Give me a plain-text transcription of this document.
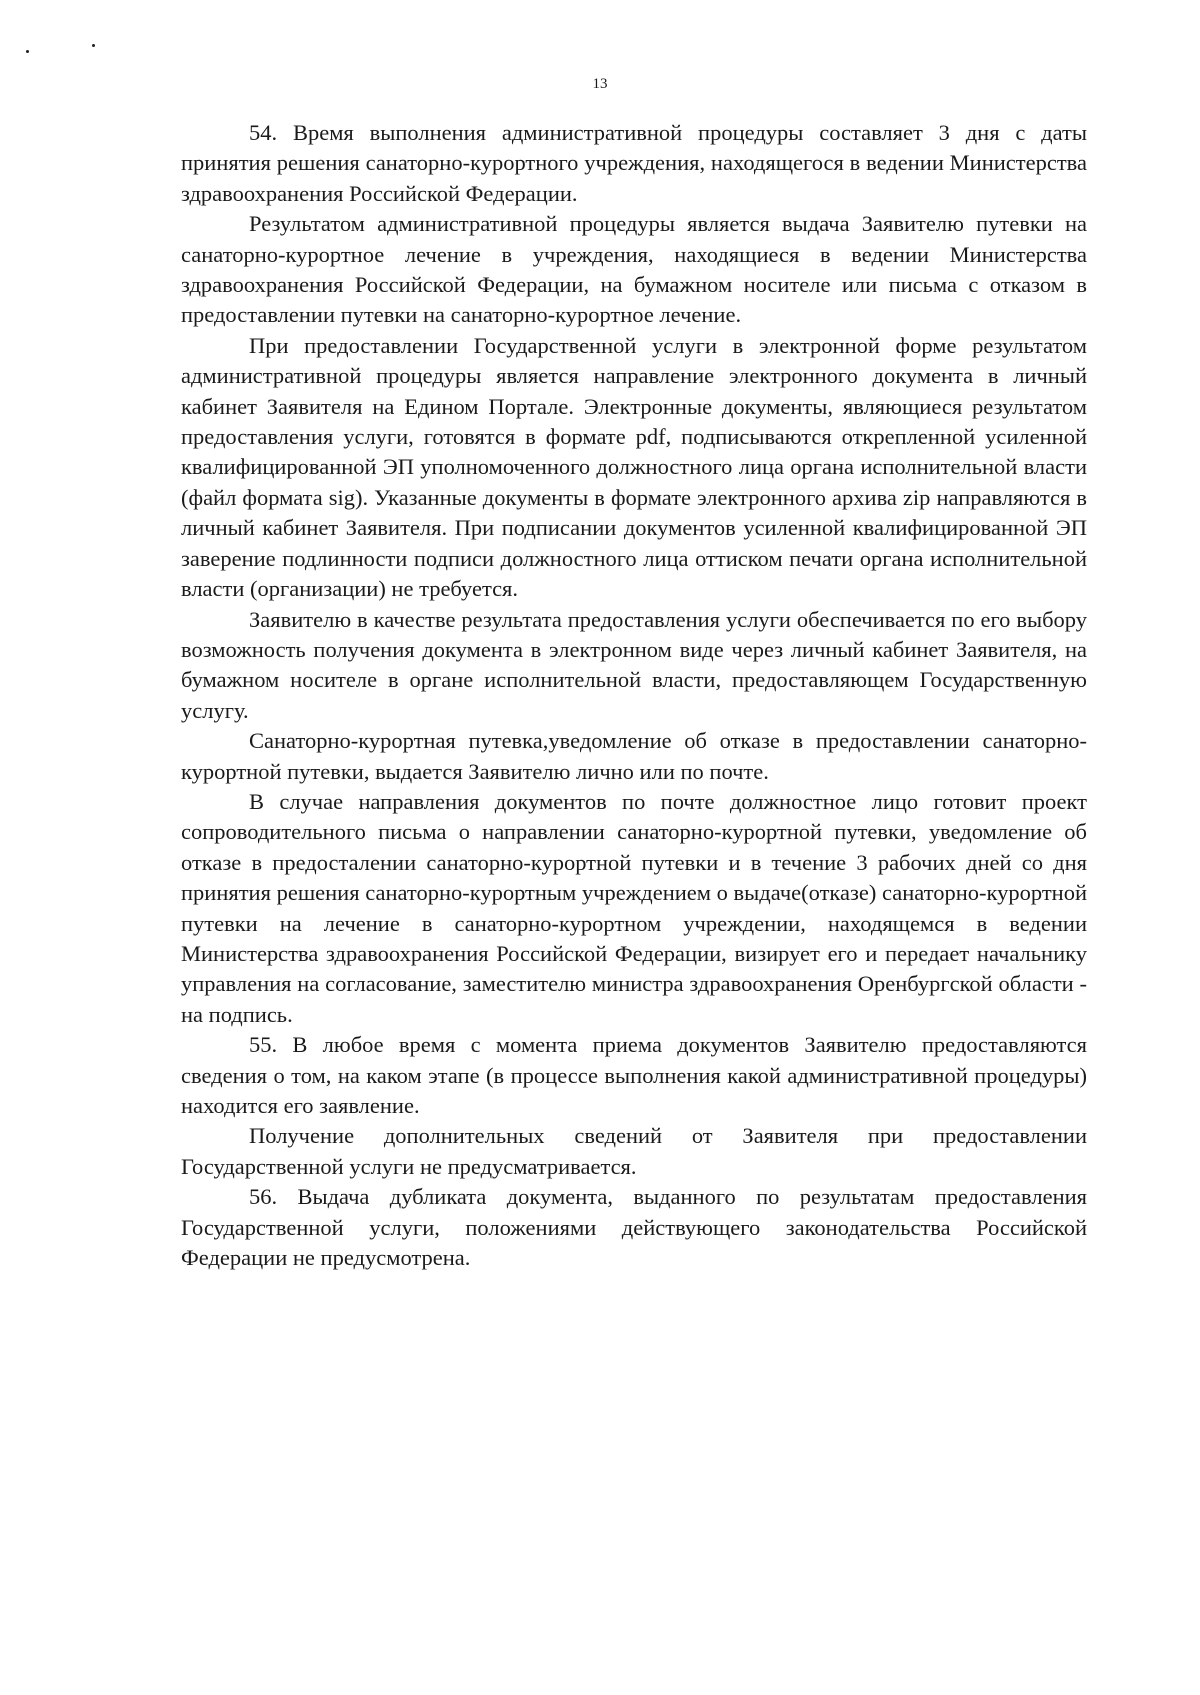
13

54. Время выполнения административной процедуры составляет 3 дня с даты принятия решения санаторно-курортного учреждения, находящегося в ведении Министерства здравоохранения Российской Федерации.

Результатом административной процедуры является выдача Заявителю путевки на санаторно-курортное лечение в учреждения, находящиеся в ведении Министерства здравоохранения Российской Федерации, на бумажном носителе или письма с отказом в предоставлении путевки на санаторно-курортное лечение.

При предоставлении Государственной услуги в электронной форме результатом административной процедуры является направление электронного документа в личный кабинет Заявителя на Едином Портале. Электронные документы, являющиеся результатом предоставления услуги, готовятся в формате pdf, подписываются открепленной усиленной квалифицированной ЭП уполномоченного должностного лица органа исполнительной власти (файл формата sig). Указанные документы в формате электронного архива zip направляются в личный кабинет Заявителя. При подписании документов усиленной квалифицированной ЭП заверение подлинности подписи должностного лица оттиском печати органа исполнительной власти (организации) не требуется.

Заявителю в качестве результата предоставления услуги обеспечивается по его выбору возможность получения документа в электронном виде через личный кабинет Заявителя, на бумажном носителе в органе исполнительной власти, предоставляющем Государственную услугу.

Санаторно-курортная путевка,уведомление об отказе в предоставлении санаторно-курортной путевки, выдается Заявителю лично или по почте.

В случае направления документов по почте должностное лицо готовит проект сопроводительного письма о направлении санаторно-курортной путевки, уведомление об отказе в предосталении санаторно-курортной путевки и в течение 3 рабочих дней со дня принятия решения санаторно-курортным учреждением о выдаче(отказе) санаторно-курортной путевки на лечение в санаторно-курортном учреждении, находящемся в ведении Министерства здравоохранения Российской Федерации, визирует его и передает начальнику управления на согласование, заместителю министра здравоохранения Оренбургской области - на подпись.

55. В любое время с момента приема документов Заявителю предоставляются сведения о том, на каком этапе (в процессе выполнения какой административной процедуры) находится его заявление.

Получение дополнительных сведений от Заявителя при предоставлении Государственной услуги не предусматривается.

56. Выдача дубликата документа, выданного по результатам предоставления Государственной услуги, положениями действующего законодательства Российской Федерации не предусмотрена.
